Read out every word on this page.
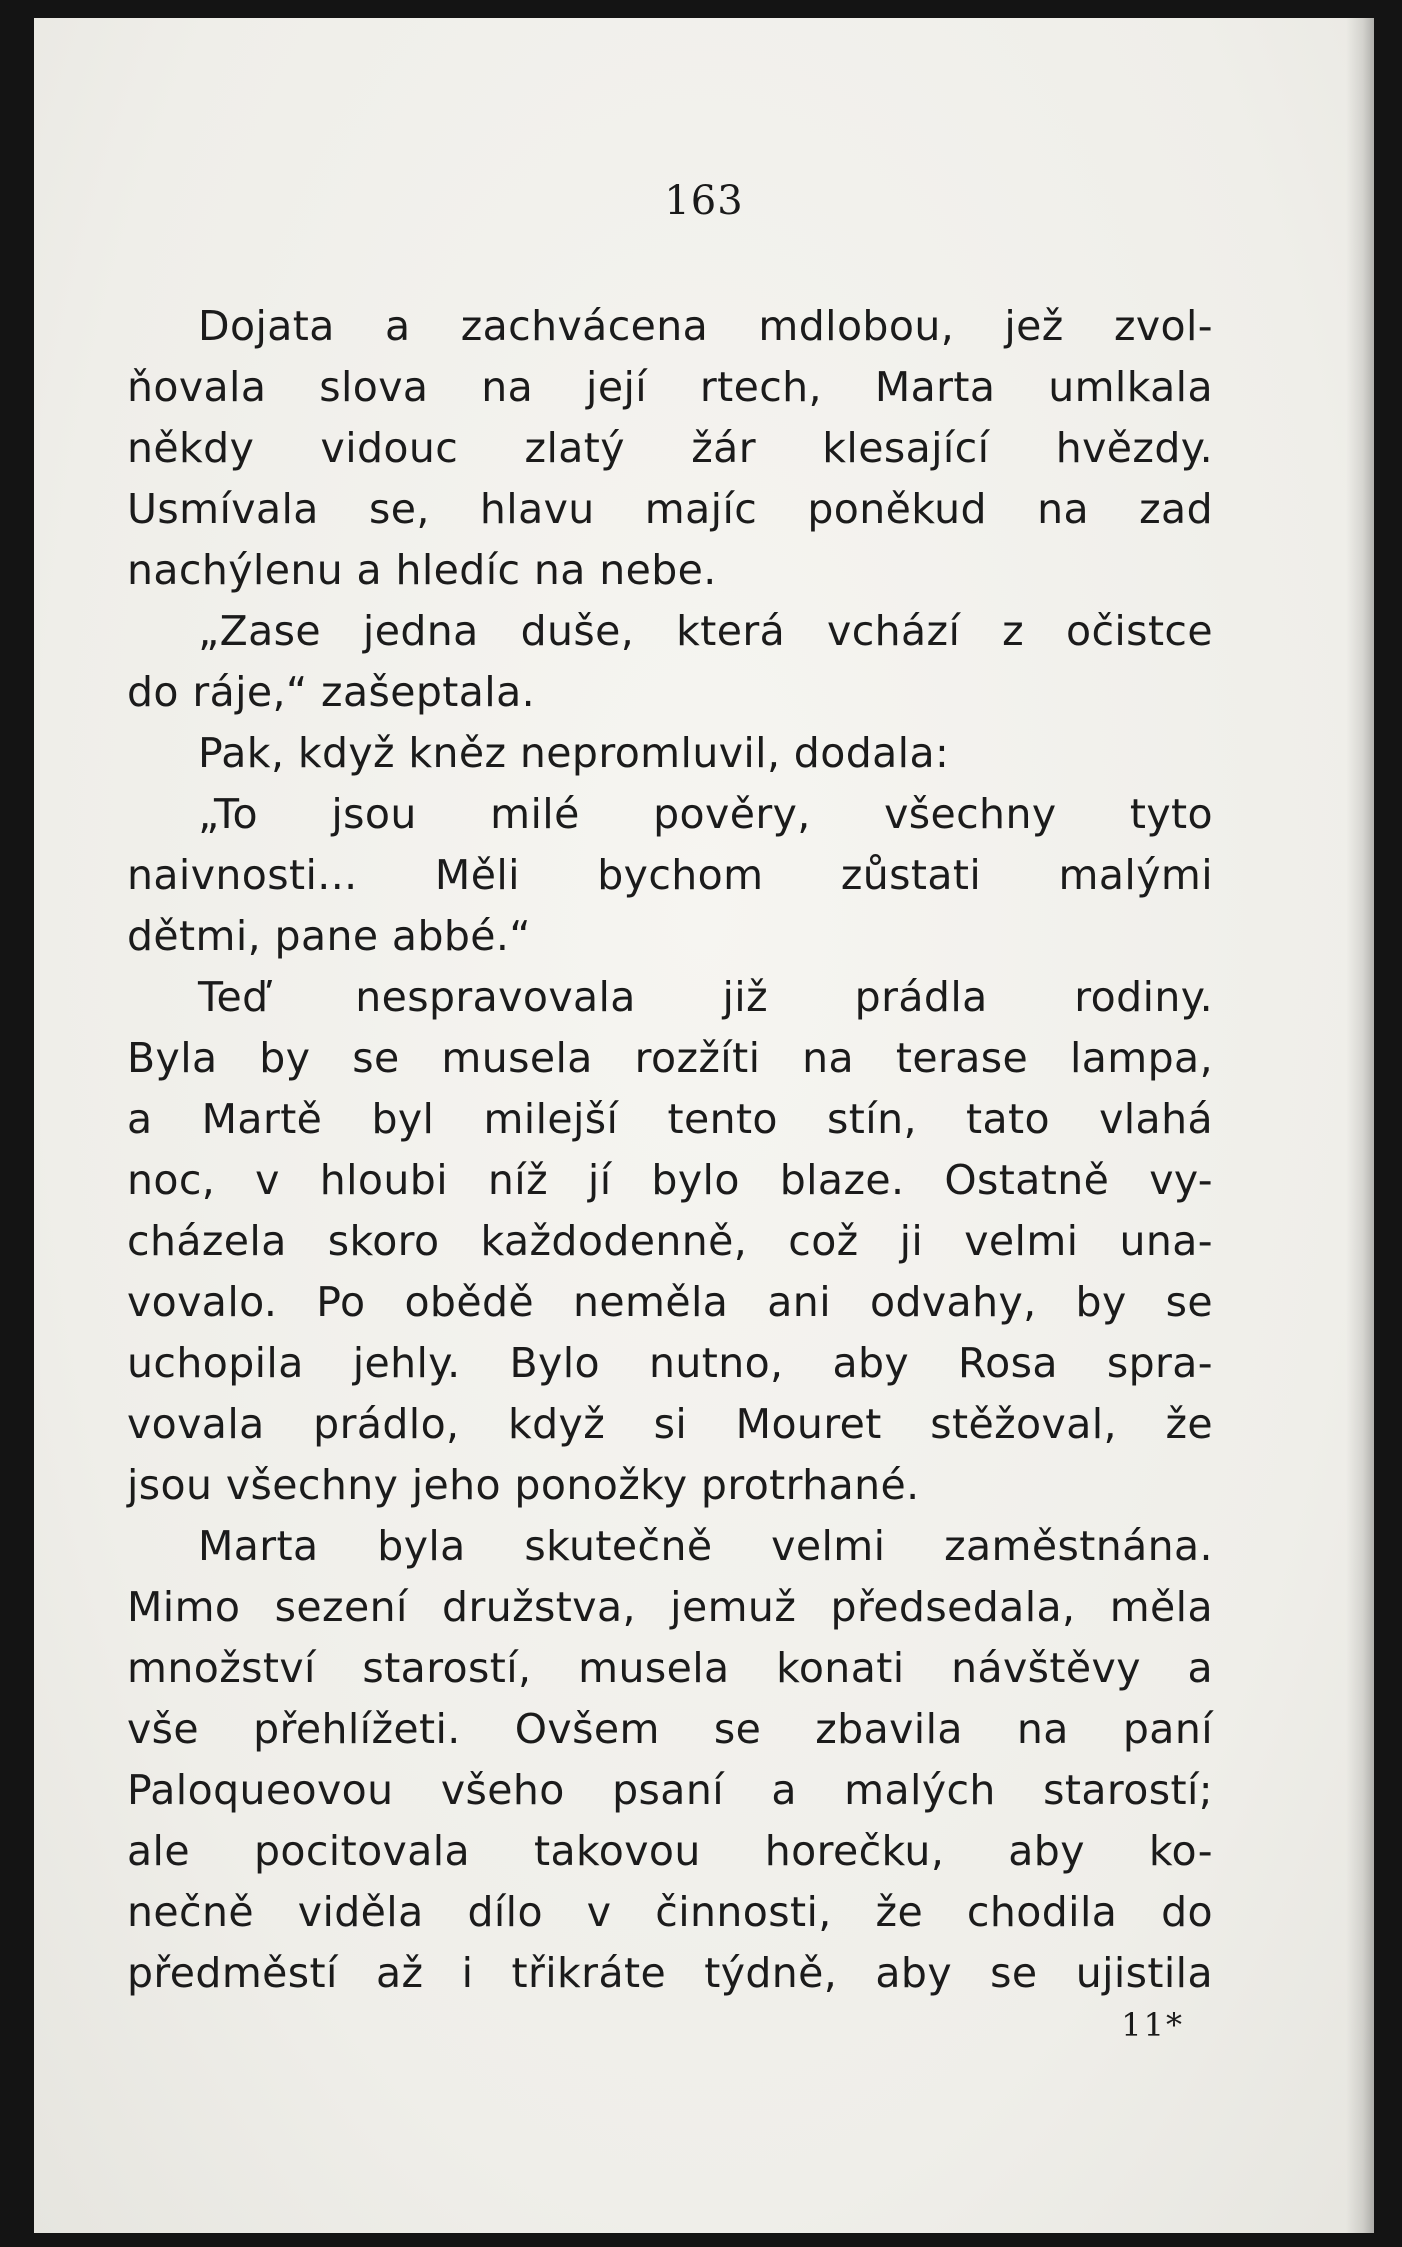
163
Dojata a zachvácena mdlobou, jež zvol-
ňovala slova na její rtech, Marta umlkala
někdy vidouc zlatý žár klesající hvězdy.
Usmívala se, hlavu majíc poněkud na zad
nachýlenu a hledíc na nebe.
„Zase jedna duše, která vchází z očistce
do ráje,“ zašeptala.
Pak, když kněz nepromluvil, dodala:
„To jsou milé pověry, všechny tyto
naivnosti... Měli bychom zůstati malými
dětmi, pane abbé.“
Teď nespravovala již prádla rodiny.
Byla by se musela rozžíti na terase lampa,
a Martě byl milejší tento stín, tato vlahá
noc, v hloubi níž jí bylo blaze. Ostatně vy-
cházela skoro každodenně, což ji velmi una-
vovalo. Po obědě neměla ani odvahy, by se
uchopila jehly. Bylo nutno, aby Rosa spra-
vovala prádlo, když si Mouret stěžoval, že
jsou všechny jeho ponožky protrhané.
Marta byla skutečně velmi zaměstnána.
Mimo sezení družstva, jemuž předsedala, měla
množství starostí, musela konati návštěvy a
vše přehlížeti. Ovšem se zbavila na paní
Paloqueovou všeho psaní a malých starostí;
ale pocitovala takovou horečku, aby ko-
nečně viděla dílo v činnosti, že chodila do
předměstí až i třikráte týdně, aby se ujistila
11*
